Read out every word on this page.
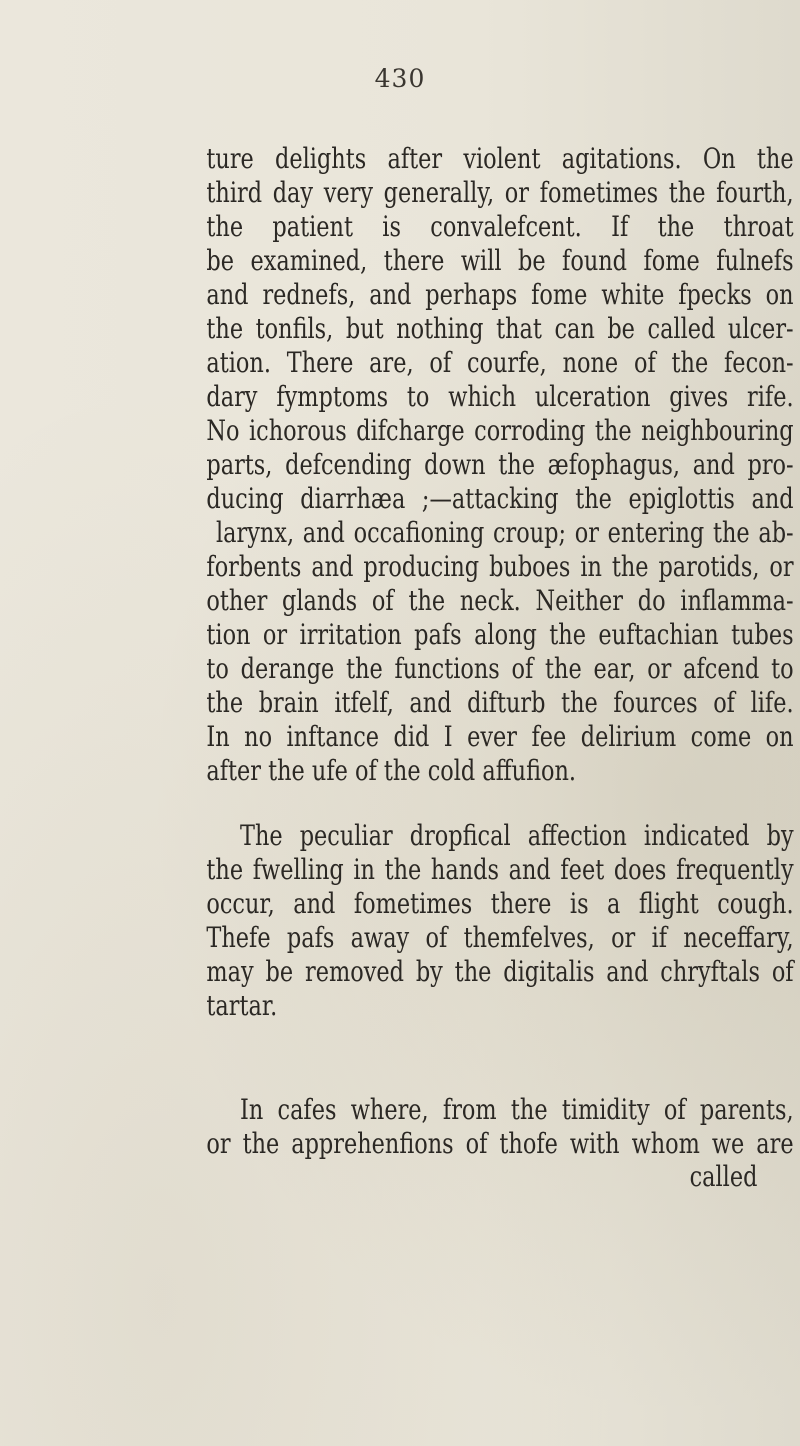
430

ture delights after violent agitations. On the

third day very generally, or fometimes the fourth,

the patient is convalefcent. If the throat

be examined, there will be found fome fulnefs

and rednefs, and perhaps fome white fpecks on

the tonfils, but nothing that can be called ulcer-

ation. There are, of courfe, none of the fecon-

dary fymptoms to which ulceration gives rife.

No ichorous difcharge corroding the neighbouring

parts, defcending down the æfophagus, and pro-

ducing diarrhæa ;—attacking the epiglottis and

larynx, and occafioning croup; or entering the ab-

forbents and producing buboes in the parotids, or

other glands of the neck. Neither do inflamma-

tion or irritation pafs along the euftachian tubes

to derange the functions of the ear, or afcend to

the brain itfelf, and difturb the fources of life.

In no inftance did I ever fee delirium come on

after the ufe of the cold affufion.

The peculiar dropfical affection indicated by

the fwelling in the hands and feet does frequently

occur, and fometimes there is a flight cough.

Thefe pafs away of themfelves, or if neceffary,

may be removed by the digitalis and chryftals of

tartar.

In cafes where, from the timidity of parents,

or the apprehenfions of thofe with whom we are

called
